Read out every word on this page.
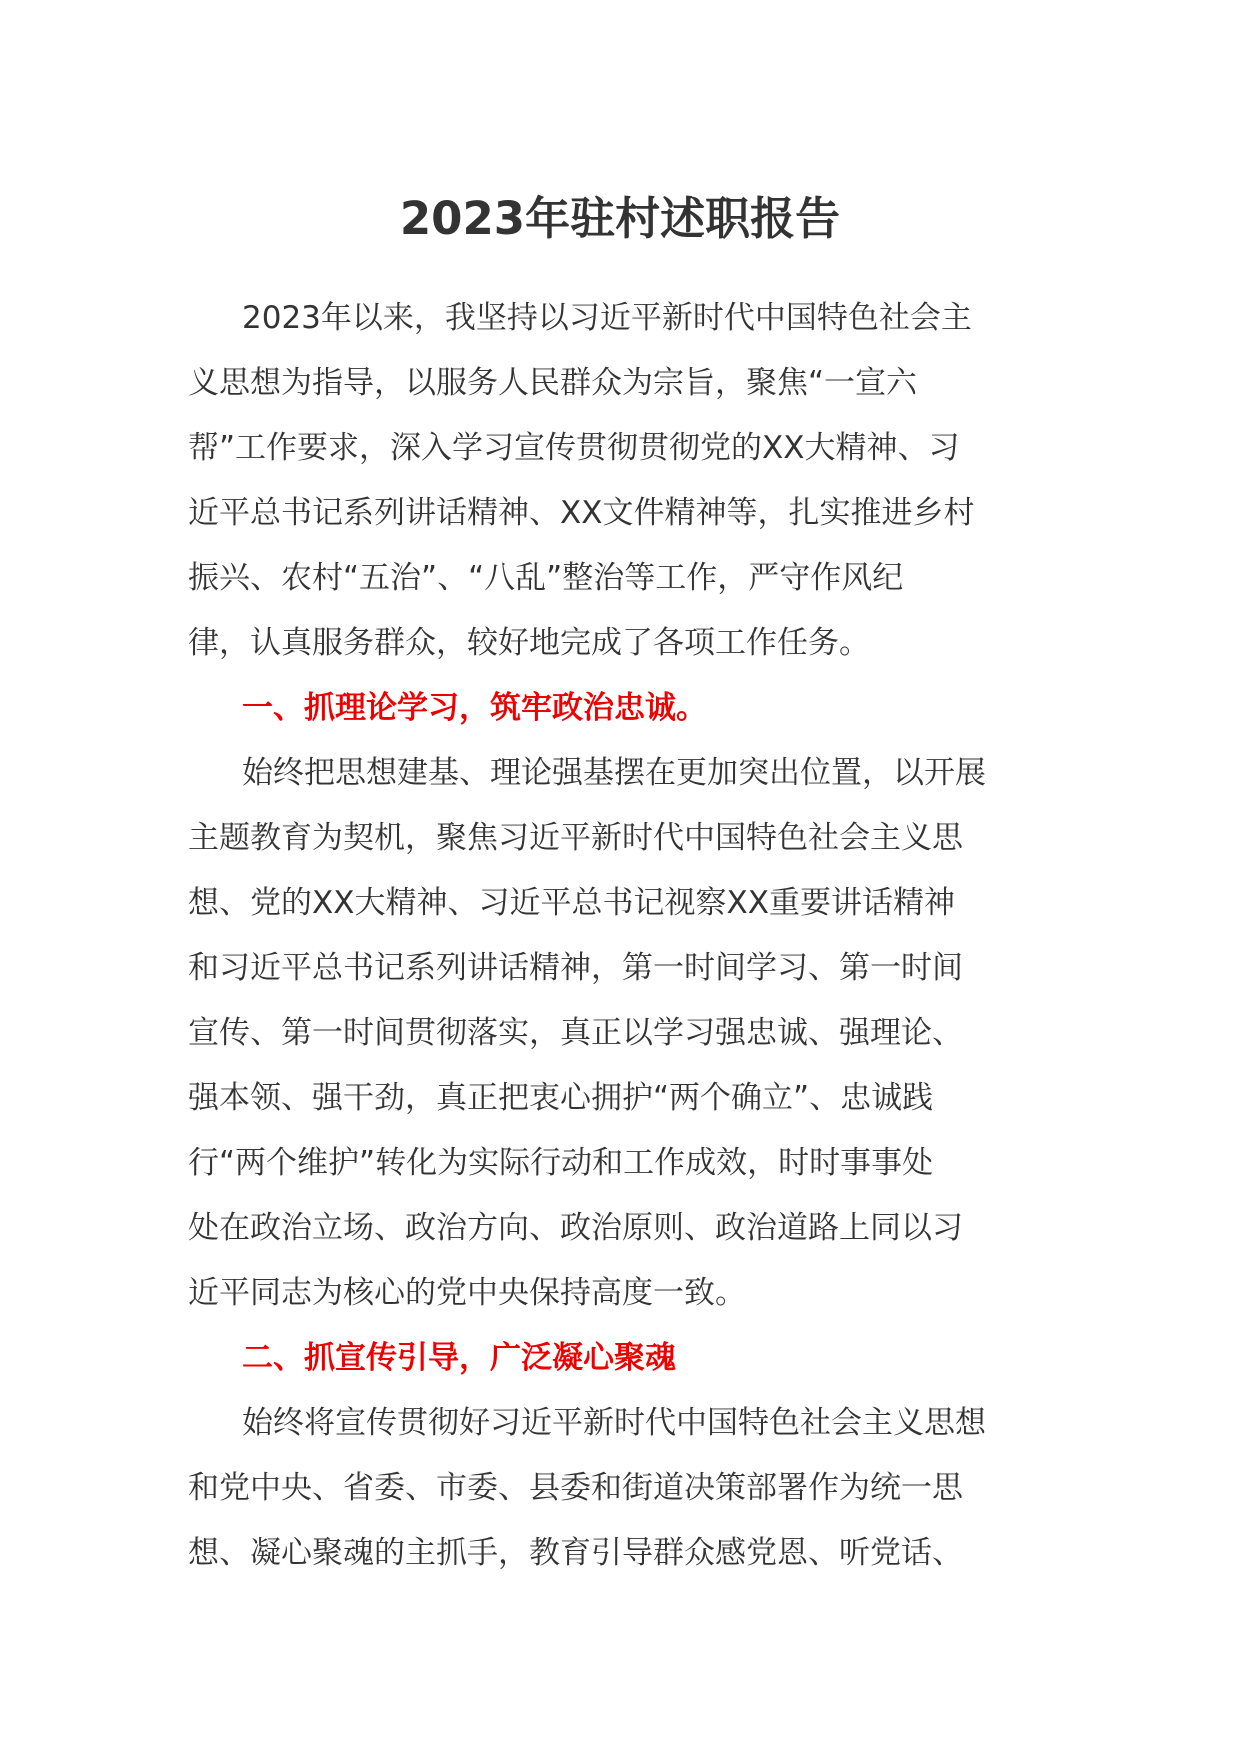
2023年驻村述职报告

2023年以来，我坚持以习近平新时代中国特色社会主
义思想为指导，以服务人民群众为宗旨，聚焦“一宣六
帮”工作要求，深入学习宣传贯彻贯彻党的XX大精神、习
近平总书记系列讲话精神、XX文件精神等，扎实推进乡村
振兴、农村“五治”、“八乱”整治等工作，严守作风纪
律，认真服务群众，较好地完成了各项工作任务。

一、抓理论学习，筑牢政治忠诚。

始终把思想建基、理论强基摆在更加突出位置，以开展
主题教育为契机，聚焦习近平新时代中国特色社会主义思
想、党的XX大精神、习近平总书记视察XX重要讲话精神
和习近平总书记系列讲话精神，第一时间学习、第一时间
宣传、第一时间贯彻落实，真正以学习强忠诚、强理论、
强本领、强干劲，真正把衷心拥护“两个确立”、忠诚践
行“两个维护”转化为实际行动和工作成效，时时事事处
处在政治立场、政治方向、政治原则、政治道路上同以习
近平同志为核心的党中央保持高度一致。

二、抓宣传引导，广泛凝心聚魂

始终将宣传贯彻好习近平新时代中国特色社会主义思想
和党中央、省委、市委、县委和街道决策部署作为统一思
想、凝心聚魂的主抓手，教育引导群众感党恩、听党话、
